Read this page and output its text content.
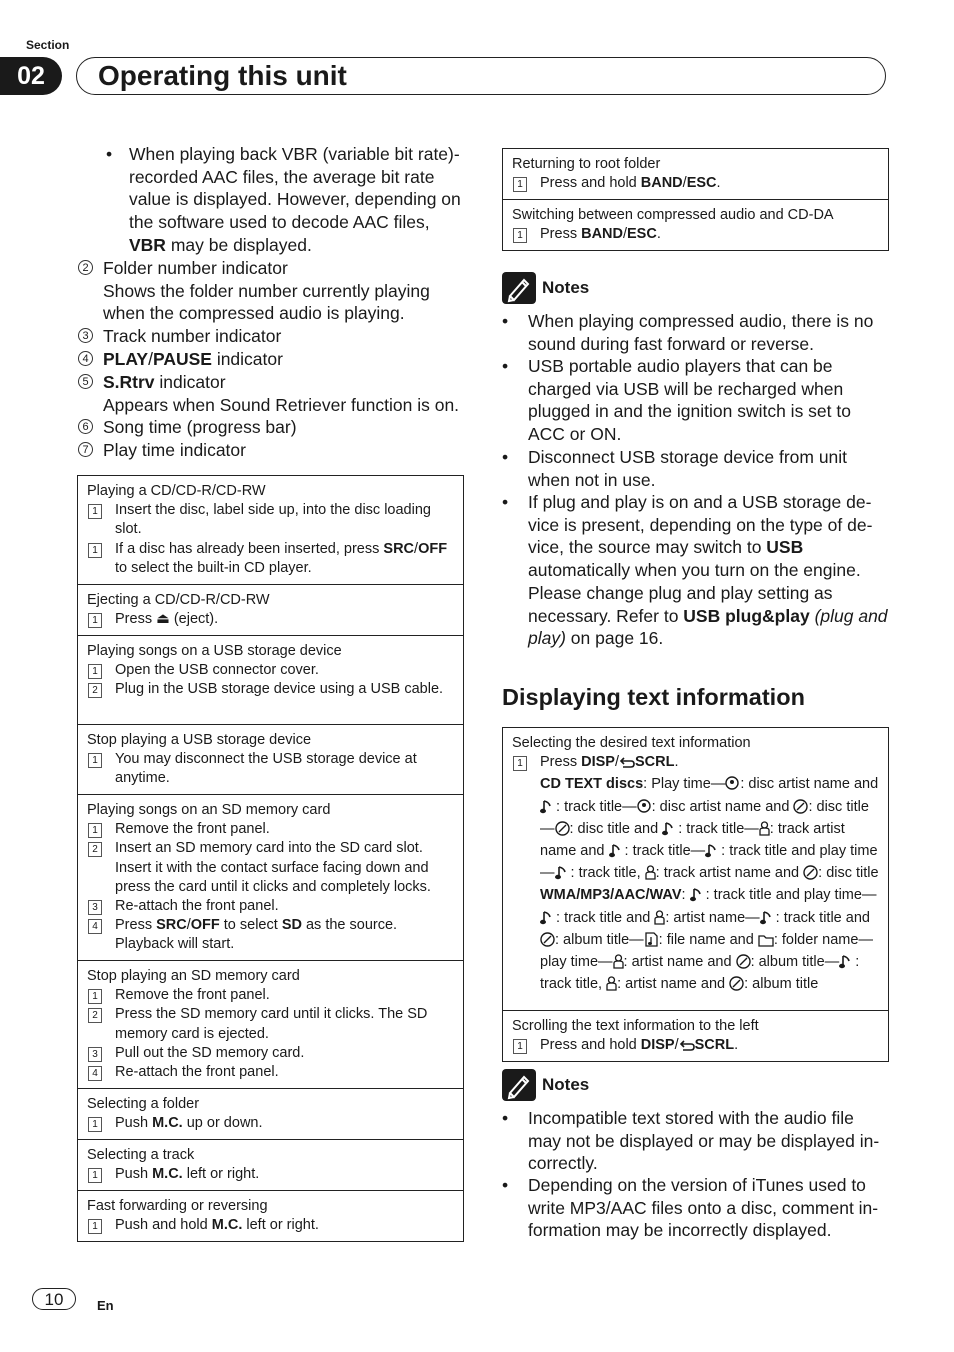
Section
02	Operating this unit
• When playing back VBR (variable bit rate)-recorded AAC files, the average bit rate value is displayed. However, depending on the software used to decode AAC files, VBR may be displayed.
2 Folder number indicator
Shows the folder number currently playing when the compressed audio is playing.
3 Track number indicator
4 PLAY/PAUSE indicator
5 S.Rtrv indicator
Appears when Sound Retriever function is on.
6 Song time (progress bar)
7 Play time indicator
Playing a CD/CD-R/CD-RW
1 Insert the disc, label side up, into the disc loading slot.
1 If a disc has already been inserted, press SRC/OFF to select the built-in CD player.
Ejecting a CD/CD-R/CD-RW
1 Press ⏏ (eject).
Playing songs on a USB storage device
1 Open the USB connector cover.
2 Plug in the USB storage device using a USB cable.
Stop playing a USB storage device
1 You may disconnect the USB storage device at anytime.
Playing songs on an SD memory card
1 Remove the front panel.
2 Insert an SD memory card into the SD card slot. Insert it with the contact surface facing down and press the card until it clicks and completely locks.
3 Re-attach the front panel.
4 Press SRC/OFF to select SD as the source. Playback will start.
Stop playing an SD memory card
1 Remove the front panel.
2 Press the SD memory card until it clicks. The SD memory card is ejected.
3 Pull out the SD memory card.
4 Re-attach the front panel.
Selecting a folder
1 Push M.C. up or down.
Selecting a track
1 Push M.C. left or right.
Fast forwarding or reversing
1 Push and hold M.C. left or right.
Returning to root folder
1 Press and hold BAND/ESC.
Switching between compressed audio and CD-DA
1 Press BAND/ESC.
Notes
• When playing compressed audio, there is no sound during fast forward or reverse.
• USB portable audio players that can be charged via USB will be recharged when plugged in and the ignition switch is set to ACC or ON.
• Disconnect USB storage device from unit when not in use.
• If plug and play is on and a USB storage device is present, depending on the type of device, the source may switch to USB automatically when you turn on the engine. Please change plug and play setting as necessary. Refer to USB plug&play (plug and play) on page 16.
Displaying text information
Selecting the desired text information
1 Press DISP/ SCRL.
CD TEXT discs: Play time— : disc artist name and  : track title— : disc artist name and : disc title— : disc title and  : track title— : track artist name and  : track title— : track title and play time— : track title, : track artist name and : disc title
WMA/MP3/AAC/WAV:  : track title and play time— : track title and : artist name— : track title and : album title— : file name and : folder name—play time— : artist name and : album title— : track title, : artist name and : album title
Scrolling the text information to the left
1 Press and hold DISP/ SCRL.
Notes
• Incompatible text stored with the audio file may not be displayed or may be displayed incorrectly.
• Depending on the version of iTunes used to write MP3/AAC files onto a disc, comment information may be incorrectly displayed.
10	En
